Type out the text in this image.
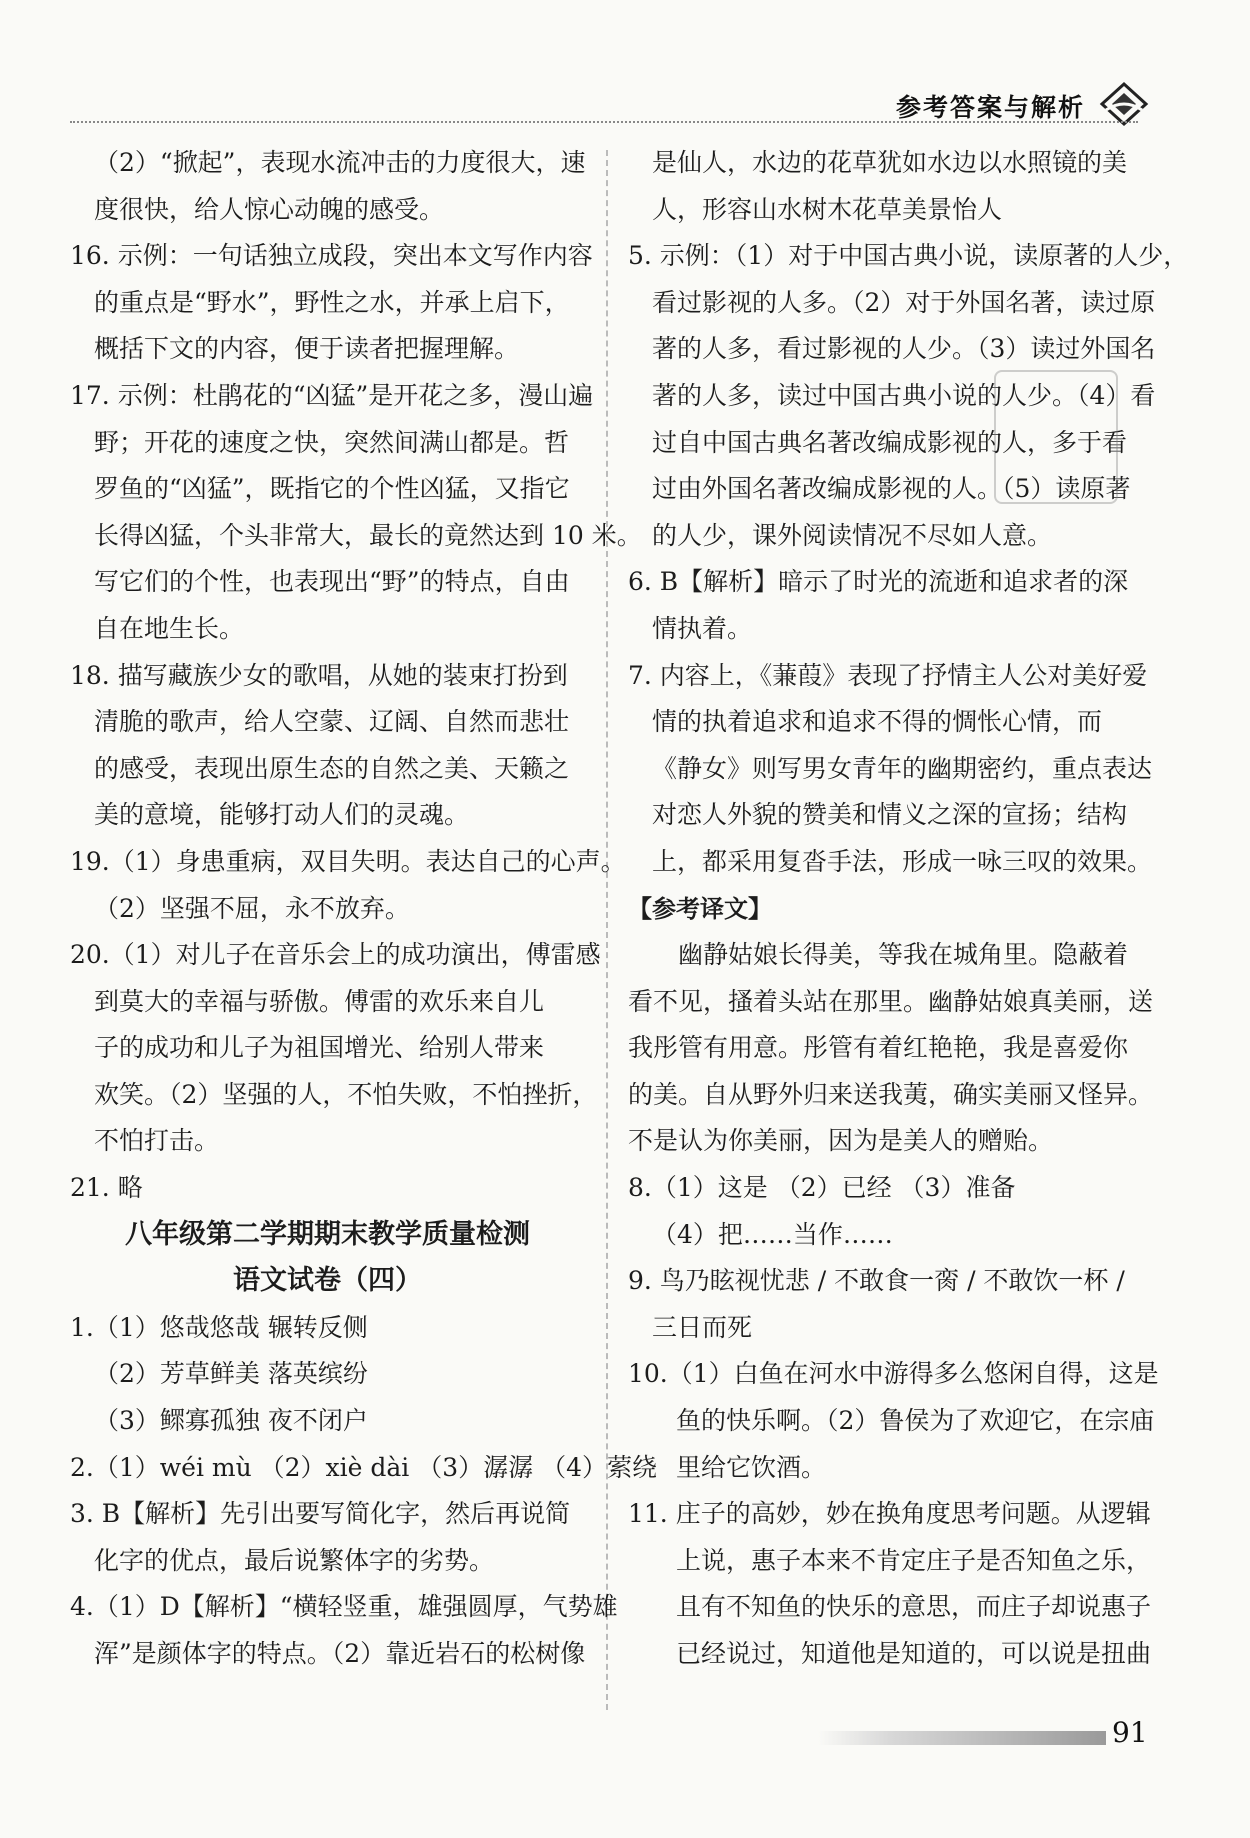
参考答案与解析
（2）“掀起”，表现水流冲击的力度很大，速
度很快，给人惊心动魄的感受。
16. 示例：一句话独立成段，突出本文写作内容
的重点是“野水”，野性之水，并承上启下，
概括下文的内容，便于读者把握理解。
17. 示例：杜鹃花的“凶猛”是开花之多，漫山遍
野；开花的速度之快，突然间满山都是。哲
罗鱼的“凶猛”，既指它的个性凶猛，又指它
长得凶猛，个头非常大，最长的竟然达到 10 米。
写它们的个性，也表现出“野”的特点，自由
自在地生长。
18. 描写藏族少女的歌唱，从她的装束打扮到
清脆的歌声，给人空蒙、辽阔、自然而悲壮
的感受，表现出原生态的自然之美、天籁之
美的意境，能够打动人们的灵魂。
19.（1）身患重病，双目失明。表达自己的心声。
（2）坚强不屈，永不放弃。
20.（1）对儿子在音乐会上的成功演出，傅雷感
到莫大的幸福与骄傲。傅雷的欢乐来自儿
子的成功和儿子为祖国增光、给别人带来
欢笑。（2）坚强的人，不怕失败，不怕挫折，
不怕打击。
21. 略
八年级第二学期期末教学质量检测
语文试卷（四）
1.（1）悠哉悠哉 辗转反侧
（2）芳草鲜美 落英缤纷
（3）鳏寡孤独 夜不闭户
2.（1）wéi mù （2）xiè dài （3）潺潺 （4）萦绕
3. B【解析】先引出要写简化字，然后再说简
化字的优点，最后说繁体字的劣势。
4.（1）D【解析】“横轻竖重，雄强圆厚，气势雄
浑”是颜体字的特点。（2）靠近岩石的松树像
是仙人，水边的花草犹如水边以水照镜的美
人，形容山水树木花草美景怡人
5. 示例：（1）对于中国古典小说，读原著的人少，
看过影视的人多。（2）对于外国名著，读过原
著的人多，看过影视的人少。（3）读过外国名
著的人多，读过中国古典小说的人少。（4）看
过自中国古典名著改编成影视的人，多于看
过由外国名著改编成影视的人。（5）读原著
的人少，课外阅读情况不尽如人意。
6. B【解析】暗示了时光的流逝和追求者的深
情执着。
7. 内容上，《蒹葭》表现了抒情主人公对美好爱
情的执着追求和追求不得的惆怅心情，而
《静女》则写男女青年的幽期密约，重点表达
对恋人外貌的赞美和情义之深的宣扬；结构
上，都采用复沓手法，形成一咏三叹的效果。
【参考译文】
幽静姑娘长得美，等我在城角里。隐蔽着
看不见，搔着头站在那里。幽静姑娘真美丽，送
我彤管有用意。彤管有着红艳艳，我是喜爱你
的美。自从野外归来送我荑，确实美丽又怪异。
不是认为你美丽，因为是美人的赠贻。
8.（1）这是 （2）已经 （3）准备
（4）把……当作……
9. 鸟乃眩视忧悲 / 不敢食一脔 / 不敢饮一杯 /
三日而死
10.（1）白鱼在河水中游得多么悠闲自得，这是
鱼的快乐啊。（2）鲁侯为了欢迎它，在宗庙
里给它饮酒。
11. 庄子的高妙，妙在换角度思考问题。从逻辑
上说，惠子本来不肯定庄子是否知鱼之乐，
且有不知鱼的快乐的意思，而庄子却说惠子
已经说过，知道他是知道的，可以说是扭曲
91
